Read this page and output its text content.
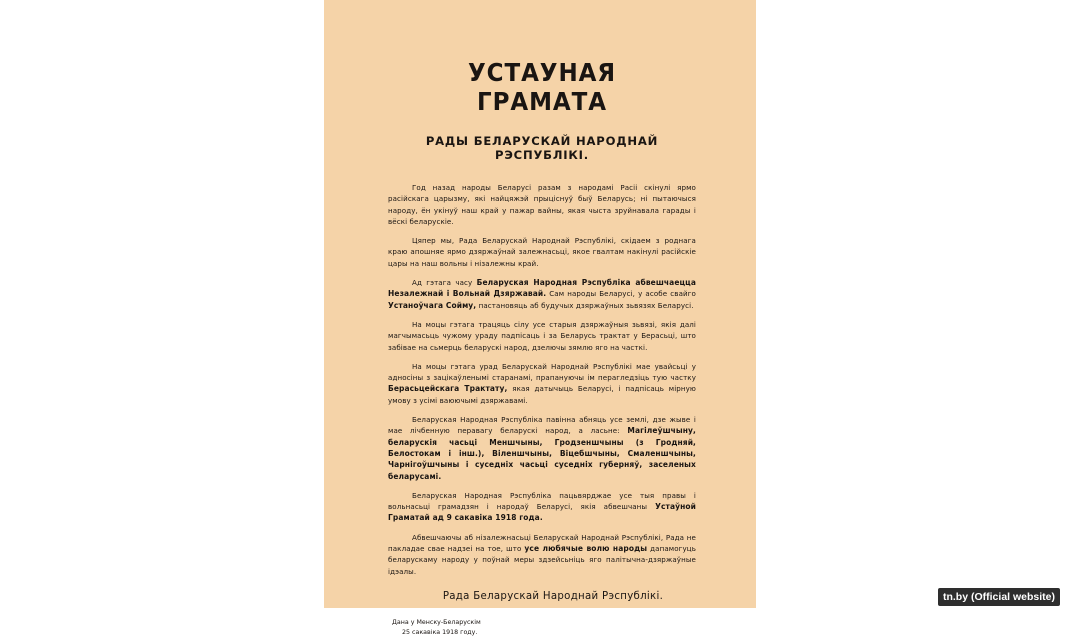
УСТАУНАЯ ГРАМАТА
РАДЫ БЕЛАРУСКАЙ НАРОДНАЙ РЭСПУБЛІКІ.

Год назад народы Беларусі разам з народамі Расіі скінулі ярмо расійскага царызму, які найцяжэй прыціснуў быў Беларусь; ні пытаючыся народу, ён укінуў наш край у пажар вайны, якая чыста зруйнавала гарады і вёскі беларускіе.

Цяпер мы, Рада Беларускай Народнай Рэспублікі, скідаем з роднага краю апошняе ярмо дзяржаўнай залежнасьці, якое гвалтам накінулі расійскіе цары на наш вольны і нізалежны край.

Ад гэтага часу Беларуская Народная Рэспубліка абвешчаецца Незалежнай і Вольнай Дзяржавай. Сам народы Беларусі, у асобе свайго Устаноўчага Сойму, пастановяць аб будучых дзяржаўных зьвязях Беларусі.

На моцы гэтага трацяць сілу усе старыя дзяржаўныя зьвязі, якія далі магчымасьць чужому ураду падпісаць і за Беларусь трактат у Берасьці, што забівае на сьмерць беларускі народ, дзелючы зямлю яго на часткі.

На моцы гэтага урад Беларускай Народнай Рэспублікі мае увайсьці у адносіны з зацікаўленымі старанамі, прапануючы ім перагледзіць тую частку Берасьцейскага Трактату, якая датычыць Беларусі, і падпісаць мірную умову з усімі ваюючымі дзяржавамі.

Беларуская Народная Рэспубліка павінна абняць усе землі, дзе жыве і мае лічбенную перавагу беларускі народ, а ласьне: Магілеўшчыну, беларускія часьці Меншчыны, Гродзеншчыны (з Гродняй, Белостокам і інш.), Віленшчыны, Віцебшчыны, Смаленшчыны, Чарнігоўшчыны і суседніх часьці суседніх губерняў, заселеных беларусамі.

Беларуская Народная Рэспубліка пацьвярджае усе тыя правы і вольнасьці грамадзян і народаў Беларусі, якія абвешчаны Устаўной Граматай ад 9 сакавіка 1918 года.

Абвешчаючы аб нізалежнасьці Беларускай Народнай Рэспублікі, Рада не пакладае свае надзеі на тое, што усе любячые волю народы дапамогуць беларускаму народу у поўнай меры здзейсьніць яго палітычна-дзяржаўные ідэалы.

Рада Беларускай Народнай Рэспублікі.
Дана у Менску-Беларускім
25 сакавіка 1918 году.
tn.by (Official website)
